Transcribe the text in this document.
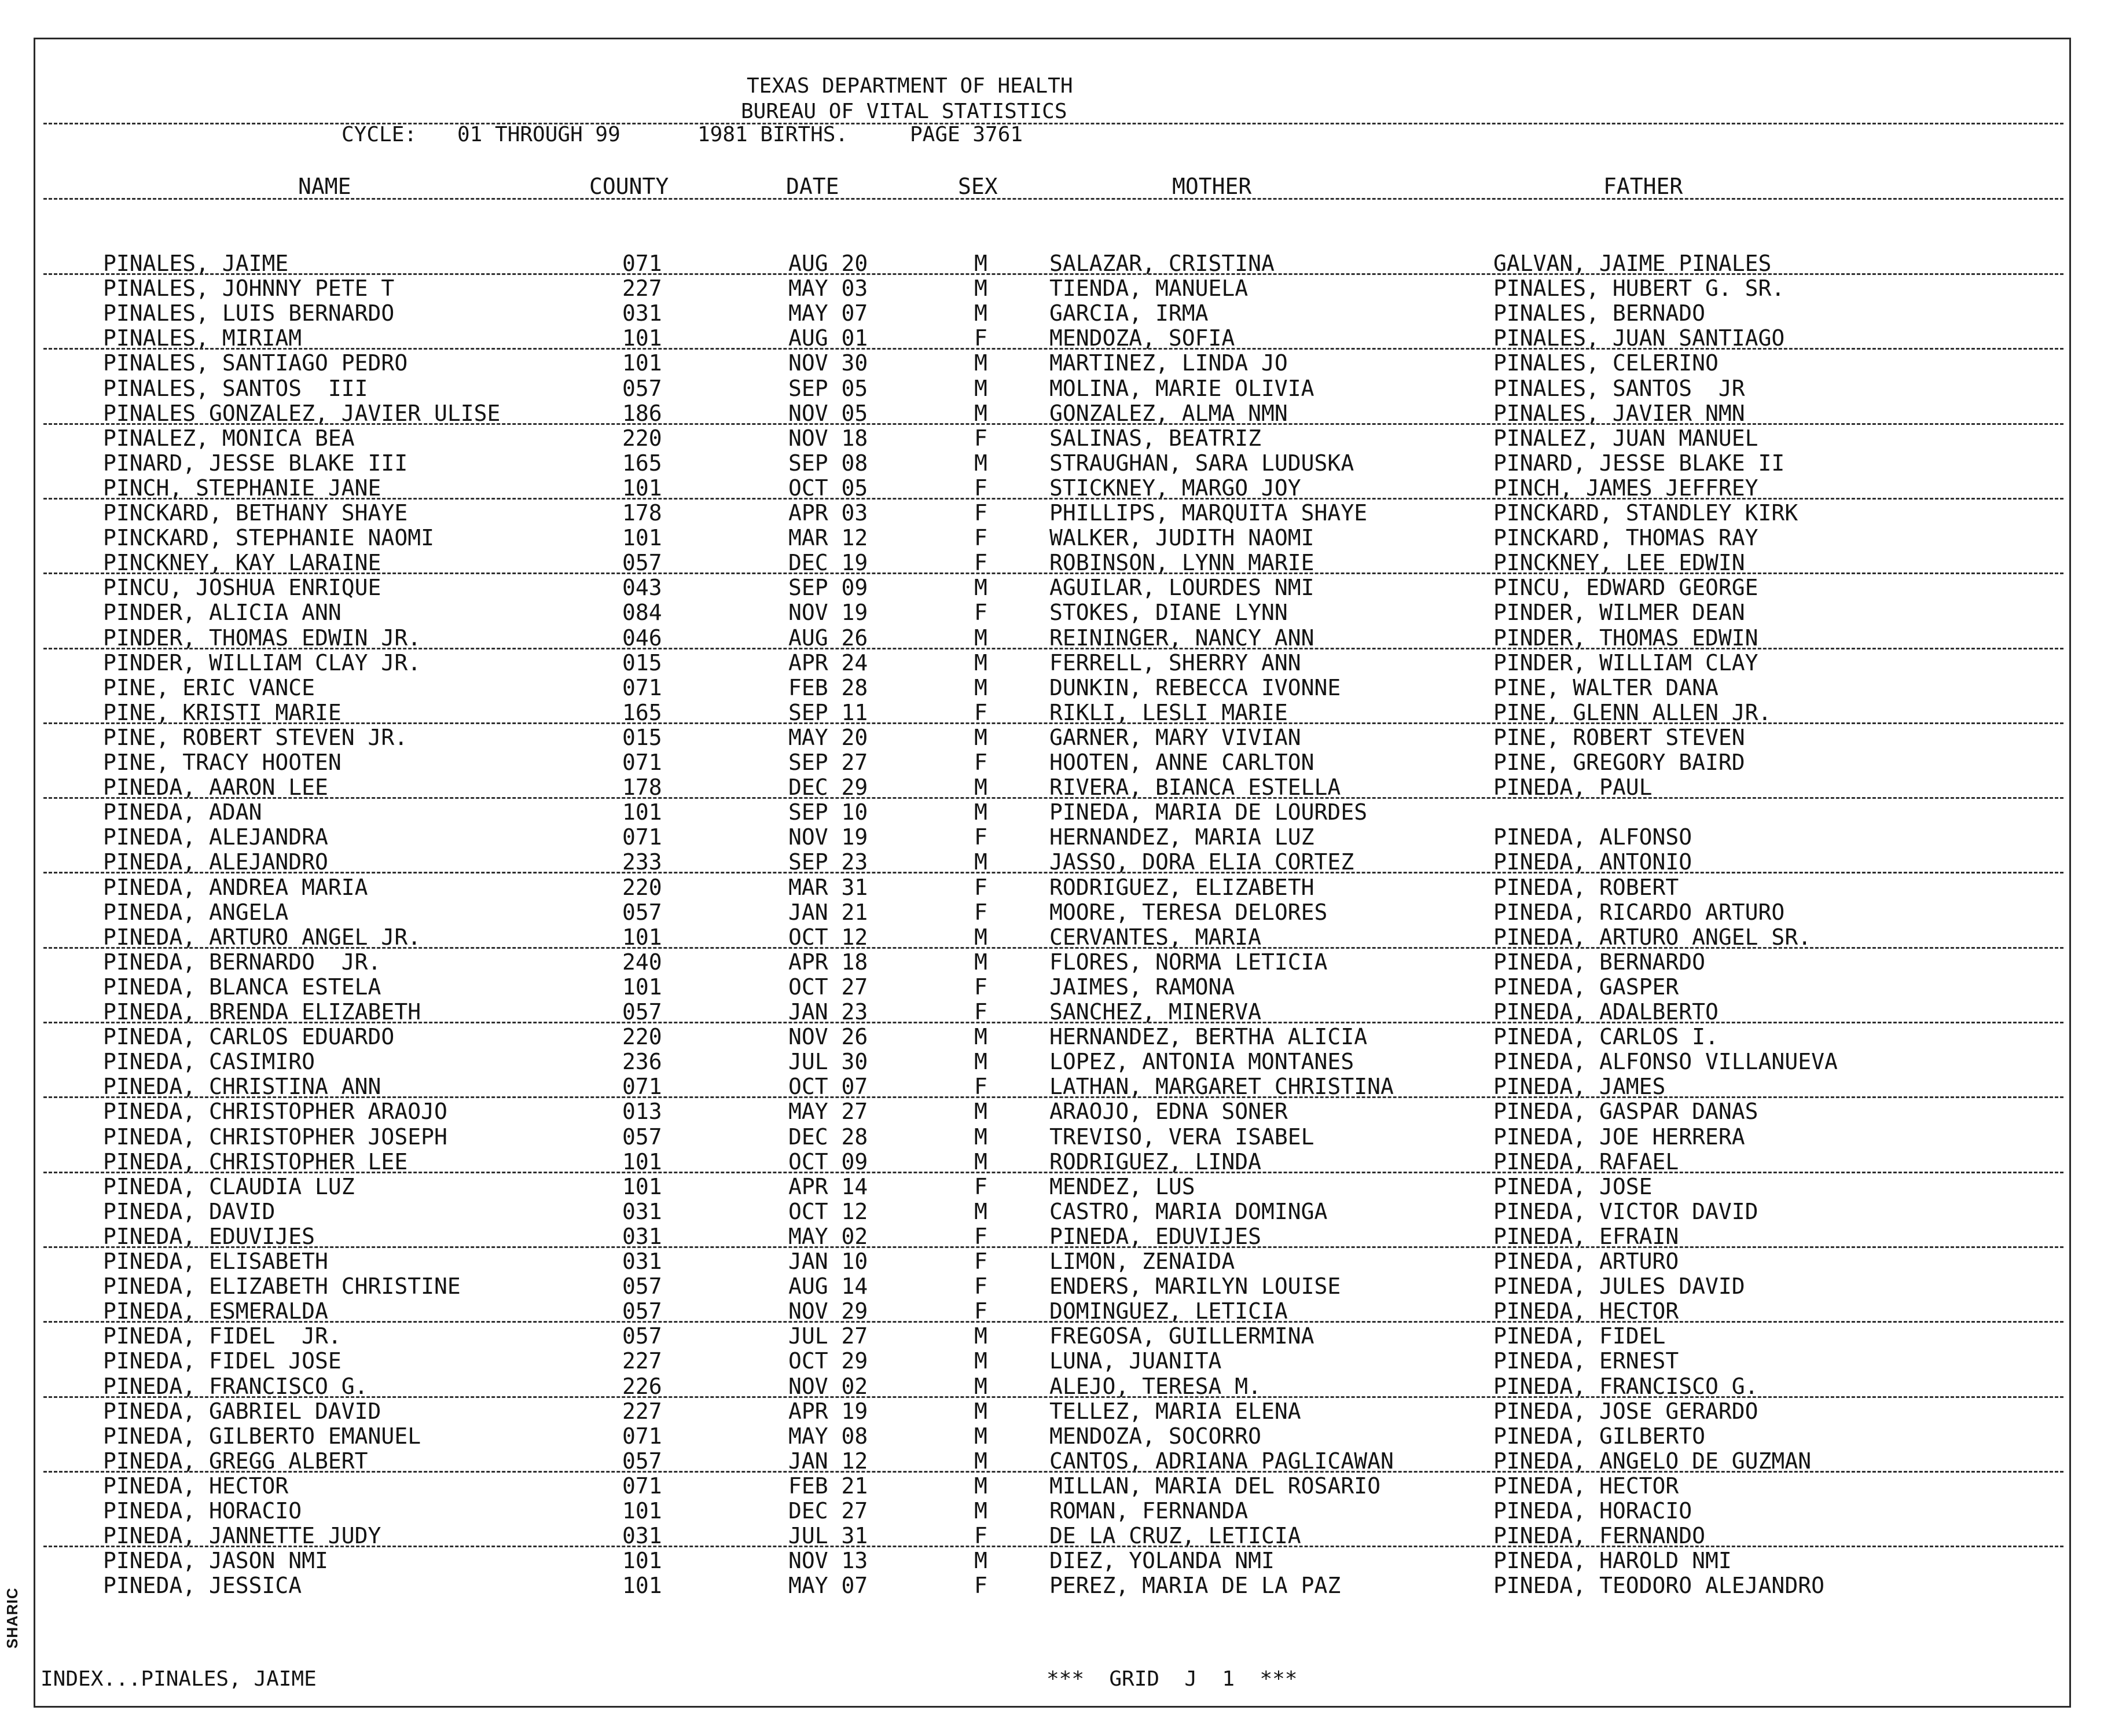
SHARIC
TEXAS DEPARTMENT OF HEALTH
BUREAU OF VITAL STATISTICS
CYCLE: 01 THROUGH 99	1981 BIRTHS.	PAGE 3761
NAME	COUNTY	DATE	SEX	MOTHER	FATHER
PINALES, JAIME	071	AUG 20	M	SALAZAR, CRISTINA	GALVAN, JAIME PINALES
PINALES, JOHNNY PETE T	227	MAY 03	M	TIENDA, MANUELA	PINALES, HUBERT G. SR.
PINALES, LUIS BERNARDO	031	MAY 07	M	GARCIA, IRMA	PINALES, BERNADO
PINALES, MIRIAM	101	AUG 01	F	MENDOZA, SOFIA	PINALES, JUAN SANTIAGO
PINALES, SANTIAGO PEDRO	101	NOV 30	M	MARTINEZ, LINDA JO	PINALES, CELERINO
PINALES, SANTOS  III	057	SEP 05	M	MOLINA, MARIE OLIVIA	PINALES, SANTOS  JR
PINALES GONZALEZ, JAVIER ULISE	186	NOV 05	M	GONZALEZ, ALMA NMN	PINALES, JAVIER NMN
PINALEZ, MONICA BEA	220	NOV 18	F	SALINAS, BEATRIZ	PINALEZ, JUAN MANUEL
PINARD, JESSE BLAKE III	165	SEP 08	M	STRAUGHAN, SARA LUDUSKA	PINARD, JESSE BLAKE II
PINCH, STEPHANIE JANE	101	OCT 05	F	STICKNEY, MARGO JOY	PINCH, JAMES JEFFREY
PINCKARD, BETHANY SHAYE	178	APR 03	F	PHILLIPS, MARQUITA SHAYE	PINCKARD, STANDLEY KIRK
PINCKARD, STEPHANIE NAOMI	101	MAR 12	F	WALKER, JUDITH NAOMI	PINCKARD, THOMAS RAY
PINCKNEY, KAY LARAINE	057	DEC 19	F	ROBINSON, LYNN MARIE	PINCKNEY, LEE EDWIN
PINCU, JOSHUA ENRIQUE	043	SEP 09	M	AGUILAR, LOURDES NMI	PINCU, EDWARD GEORGE
PINDER, ALICIA ANN	084	NOV 19	F	STOKES, DIANE LYNN	PINDER, WILMER DEAN
PINDER, THOMAS EDWIN JR.	046	AUG 26	M	REININGER, NANCY ANN	PINDER, THOMAS EDWIN
PINDER, WILLIAM CLAY JR.	015	APR 24	M	FERRELL, SHERRY ANN	PINDER, WILLIAM CLAY
PINE, ERIC VANCE	071	FEB 28	M	DUNKIN, REBECCA IVONNE	PINE, WALTER DANA
PINE, KRISTI MARIE	165	SEP 11	F	RIKLI, LESLI MARIE	PINE, GLENN ALLEN JR.
PINE, ROBERT STEVEN JR.	015	MAY 20	M	GARNER, MARY VIVIAN	PINE, ROBERT STEVEN
PINE, TRACY HOOTEN	071	SEP 27	F	HOOTEN, ANNE CARLTON	PINE, GREGORY BAIRD
PINEDA, AARON LEE	178	DEC 29	M	RIVERA, BIANCA ESTELLA	PINEDA, PAUL
PINEDA, ADAN	101	SEP 10	M	PINEDA, MARIA DE LOURDES
PINEDA, ALEJANDRA	071	NOV 19	F	HERNANDEZ, MARIA LUZ	PINEDA, ALFONSO
PINEDA, ALEJANDRO	233	SEP 23	M	JASSO, DORA ELIA CORTEZ	PINEDA, ANTONIO
PINEDA, ANDREA MARIA	220	MAR 31	F	RODRIGUEZ, ELIZABETH	PINEDA, ROBERT
PINEDA, ANGELA	057	JAN 21	F	MOORE, TERESA DELORES	PINEDA, RICARDO ARTURO
PINEDA, ARTURO ANGEL JR.	101	OCT 12	M	CERVANTES, MARIA	PINEDA, ARTURO ANGEL SR.
PINEDA, BERNARDO  JR.	240	APR 18	M	FLORES, NORMA LETICIA	PINEDA, BERNARDO
PINEDA, BLANCA ESTELA	101	OCT 27	F	JAIMES, RAMONA	PINEDA, GASPER
PINEDA, BRENDA ELIZABETH	057	JAN 23	F	SANCHEZ, MINERVA	PINEDA, ADALBERTO
PINEDA, CARLOS EDUARDO	220	NOV 26	M	HERNANDEZ, BERTHA ALICIA	PINEDA, CARLOS I.
PINEDA, CASIMIRO	236	JUL 30	M	LOPEZ, ANTONIA MONTANES	PINEDA, ALFONSO VILLANUEVA
PINEDA, CHRISTINA ANN	071	OCT 07	F	LATHAN, MARGARET CHRISTINA	PINEDA, JAMES
PINEDA, CHRISTOPHER ARAOJO	013	MAY 27	M	ARAOJO, EDNA SONER	PINEDA, GASPAR DANAS
PINEDA, CHRISTOPHER JOSEPH	057	DEC 28	M	TREVISO, VERA ISABEL	PINEDA, JOE HERRERA
PINEDA, CHRISTOPHER LEE	101	OCT 09	M	RODRIGUEZ, LINDA	PINEDA, RAFAEL
PINEDA, CLAUDIA LUZ	101	APR 14	F	MENDEZ, LUS	PINEDA, JOSE
PINEDA, DAVID	031	OCT 12	M	CASTRO, MARIA DOMINGA	PINEDA, VICTOR DAVID
PINEDA, EDUVIJES	031	MAY 02	F	PINEDA, EDUVIJES	PINEDA, EFRAIN
PINEDA, ELISABETH	031	JAN 10	F	LIMON, ZENAIDA	PINEDA, ARTURO
PINEDA, ELIZABETH CHRISTINE	057	AUG 14	F	ENDERS, MARILYN LOUISE	PINEDA, JULES DAVID
PINEDA, ESMERALDA	057	NOV 29	F	DOMINGUEZ, LETICIA	PINEDA, HECTOR
PINEDA, FIDEL  JR.	057	JUL 27	M	FREGOSA, GUILLERMINA	PINEDA, FIDEL
PINEDA, FIDEL JOSE	227	OCT 29	M	LUNA, JUANITA	PINEDA, ERNEST
PINEDA, FRANCISCO G.	226	NOV 02	M	ALEJO, TERESA M.	PINEDA, FRANCISCO G.
PINEDA, GABRIEL DAVID	227	APR 19	M	TELLEZ, MARIA ELENA	PINEDA, JOSE GERARDO
PINEDA, GILBERTO EMANUEL	071	MAY 08	M	MENDOZA, SOCORRO	PINEDA, GILBERTO
PINEDA, GREGG ALBERT	057	JAN 12	M	CANTOS, ADRIANA PAGLICAWAN	PINEDA, ANGELO DE GUZMAN
PINEDA, HECTOR	071	FEB 21	M	MILLAN, MARIA DEL ROSARIO	PINEDA, HECTOR
PINEDA, HORACIO	101	DEC 27	M	ROMAN, FERNANDA	PINEDA, HORACIO
PINEDA, JANNETTE JUDY	031	JUL 31	F	DE LA CRUZ, LETICIA	PINEDA, FERNANDO
PINEDA, JASON NMI	101	NOV 13	M	DIEZ, YOLANDA NMI	PINEDA, HAROLD NMI
PINEDA, JESSICA	101	MAY 07	F	PEREZ, MARIA DE LA PAZ	PINEDA, TEODORO ALEJANDRO
INDEX...PINALES, JAIME	***  GRID  J  1  ***
